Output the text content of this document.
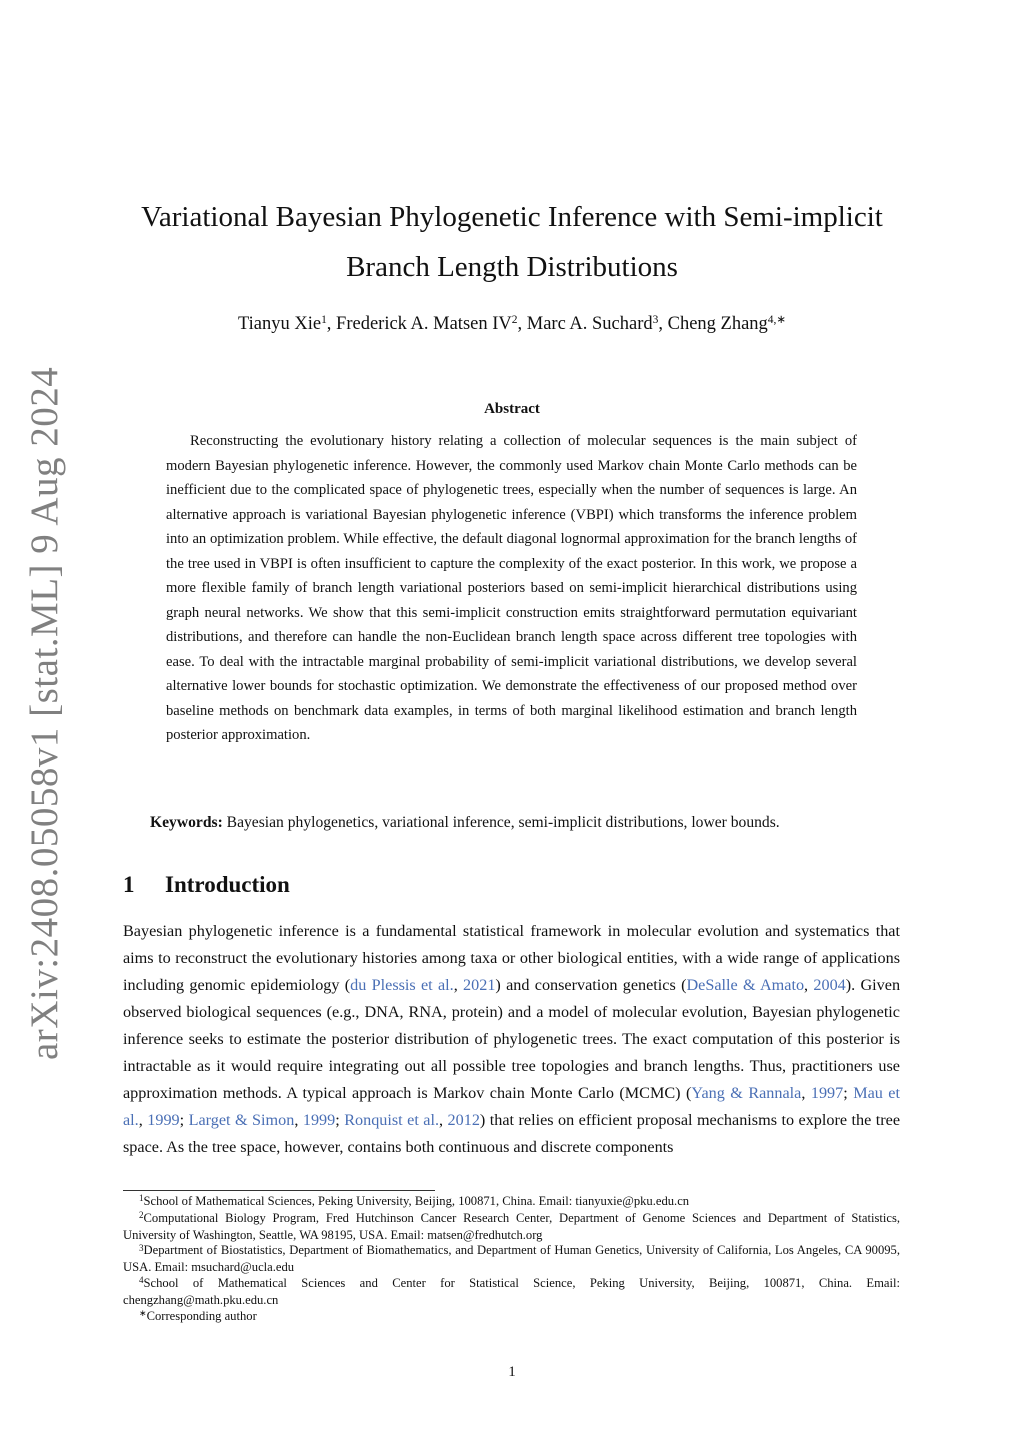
arXiv:2408.05058v1 [stat.ML] 9 Aug 2024
Variational Bayesian Phylogenetic Inference with Semi-implicit
Branch Length Distributions
Tianyu Xie$^1$, Frederick A. Matsen $IV^2$, Marc A. Suchard$^3$, Cheng Zhang$^{4,∗}$
Abstract

Reconstructing the evolutionary history relating a collection of molecular sequences is the main subject of modern Bayesian phylogenetic inference. However, the commonly used Markov chain Monte Carlo methods can be inefficient due to the complicated space of phylogenetic trees, especially when the number of sequences is large. An alternative approach is variational Bayesian phylogenetic inference (VBPI) which transforms the inference problem into an optimization problem. While effective, the default diagonal lognormal approximation for the branch lengths of the tree used in VBPI is often insufficient to capture the complexity of the exact posterior. In this work, we propose a more flexible family of branch length variational posteriors based on semi-implicit hierarchical distributions using graph neural networks. We show that this semi-implicit construction emits straightforward permutation equivariant distributions, and therefore can handle the non-Euclidean branch length space across different tree topologies with ease. To deal with the intractable marginal probability of semi-implicit variational distributions, we develop several alternative lower bounds for stochastic optimization. We demonstrate the effectiveness of our proposed method over baseline methods on benchmark data examples, in terms of both marginal likelihood estimation and branch length posterior approximation.

Keywords: Bayesian phylogenetics, variational inference, semi-implicit distributions, lower bounds.
1 Introduction

Bayesian phylogenetic inference is a fundamental statistical framework in molecular evolution and systematics that aims to reconstruct the evolutionary histories among taxa or other biological entities, with a wide range of applications including genomic epidemiology (du Plessis et al., 2021) and conservation genetics (DeSalle & Amato, 2004). Given observed biological sequences (e.g., DNA, RNA, protein) and a model of molecular evolution, Bayesian phylogenetic inference seeks to estimate the posterior distribution of phylogenetic trees. The exact computation of this posterior is intractable as it would require integrating out all possible tree topologies and branch lengths. Thus, practitioners use approximation methods. A typical approach is Markov chain Monte Carlo (MCMC) (Yang & Rannala, 1997; Mau et al., 1999; Larget & Simon, 1999; Ronquist et al., 2012) that relies on efficient proposal mechanisms to explore the tree space. As the tree space, however, contains both continuous and discrete components

$^1$School of Mathematical Sciences, Peking University, Beijing, 100871, China. Email: tianyuxie@pku.edu.cn

$^2$Computational Biology Program, Fred Hutchinson Cancer Research Center, Department of Genome Sciences and Department of Statistics, University of Washington, Seattle, WA 98195, USA. Email: matsen@fredhutch.org

$^3$Department of Biostatistics, Department of Biomathematics, and Department of Human Genetics, University of California, Los Angeles, CA 90095, USA. Email: msuchard@ucla.edu

$^4$School of Mathematical Sciences and Center for Statistical Science, Peking University, Beijing, 100871, China. Email: chengzhang@math.pku.edu.cn

∗Corresponding author

1
